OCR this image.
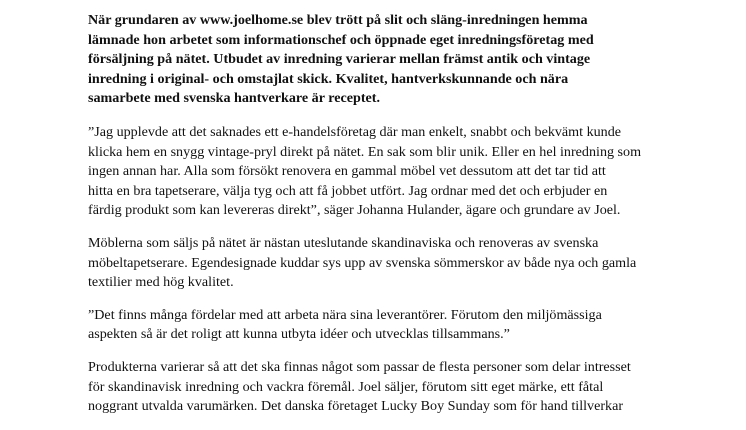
När grundaren av www.joelhome.se blev trött på slit och släng-inredningen hemma
lämnade hon arbetet som informationschef och öppnade eget inredningsföretag med
försäljning på nätet. Utbudet av inredning varierar mellan främst antik och vintage
inredning i original- och omstajlat skick. Kvalitet, hantverkskunnande och nära
samarbete med svenska hantverkare är receptet.

”Jag upplevde att det saknades ett e-handelsföretag där man enkelt, snabbt och bekvämt kunde
klicka hem en snygg vintage-pryl direkt på nätet. En sak som blir unik. Eller en hel inredning som
ingen annan har. Alla som försökt renovera en gammal möbel vet dessutom att det tar tid att
hitta en bra tapetserare, välja tyg och att få jobbet utfört. Jag ordnar med det och erbjuder en
färdig produkt som kan levereras direkt”, säger Johanna Hulander, ägare och grundare av Joel.

Möblerna som säljs på nätet är nästan uteslutande skandinaviska och renoveras av svenska
möbeltapetserare. Egendesignade kuddar sys upp av svenska sömmerskor av både nya och gamla
textilier med hög kvalitet.

”Det finns många fördelar med att arbeta nära sina leverantörer. Förutom den miljömässiga
aspekten så är det roligt att kunna utbyta idéer och utvecklas tillsammans.”

Produkterna varierar så att det ska finnas något som passar de flesta personer som delar intresset
för skandinavisk inredning och vackra föremål. Joel säljer, förutom sitt eget märke, ett fåtal
noggrant utvalda varumärken. Det danska företaget Lucky Boy Sunday som för hand tillverkar
